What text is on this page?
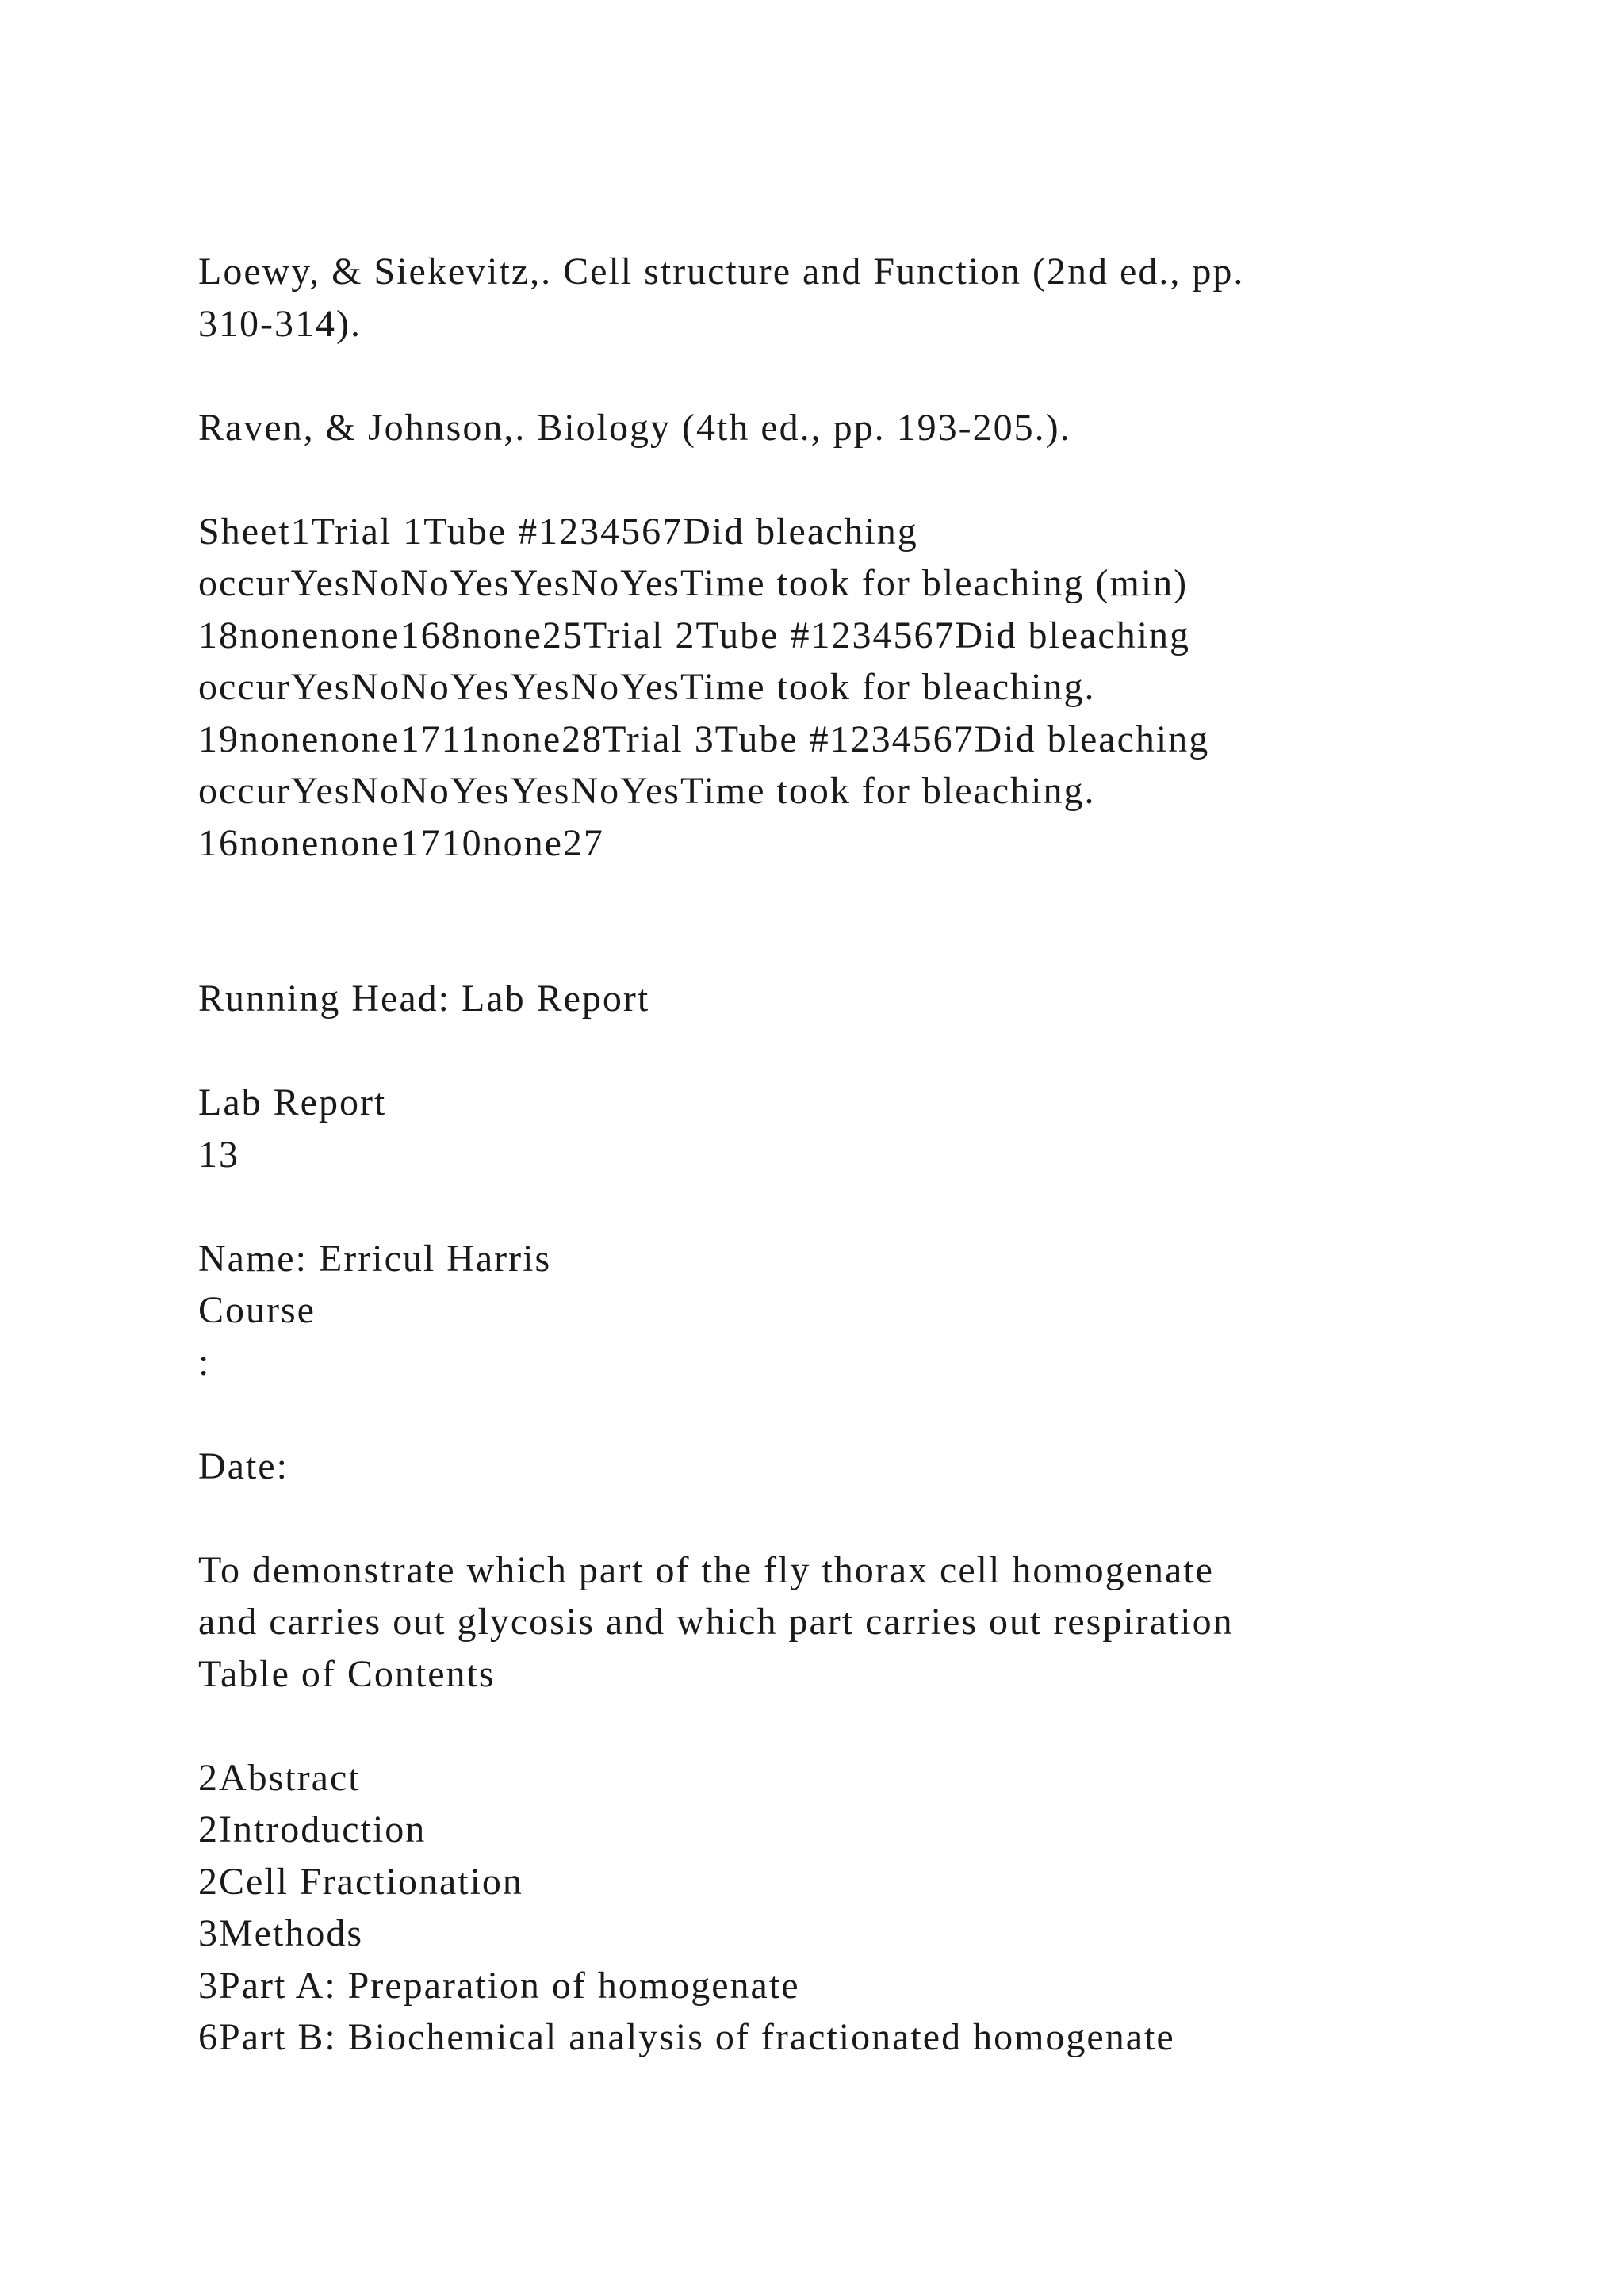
Loewy, & Siekevitz,. Cell structure and Function (2nd ed., pp.
310-314).
Raven, & Johnson,. Biology (4th ed., pp. 193-205.).
Sheet1Trial 1Tube #1234567Did bleaching
occurYesNoNoYesYesNoYesTime took for bleaching (min)
18nonenone168none25Trial 2Tube #1234567Did bleaching
occurYesNoNoYesYesNoYesTime took for bleaching.
19nonenone1711none28Trial 3Tube #1234567Did bleaching
occurYesNoNoYesYesNoYesTime took for bleaching.
16nonenone1710none27
Running Head: Lab Report
Lab Report
13
Name: Erricul Harris
Course
:
Date:
To demonstrate which part of the fly thorax cell homogenate
and carries out glycosis and which part carries out respiration
Table of Contents
2Abstract
2Introduction
2Cell Fractionation
3Methods
3Part A: Preparation of homogenate
6Part B: Biochemical analysis of fractionated homogenate
